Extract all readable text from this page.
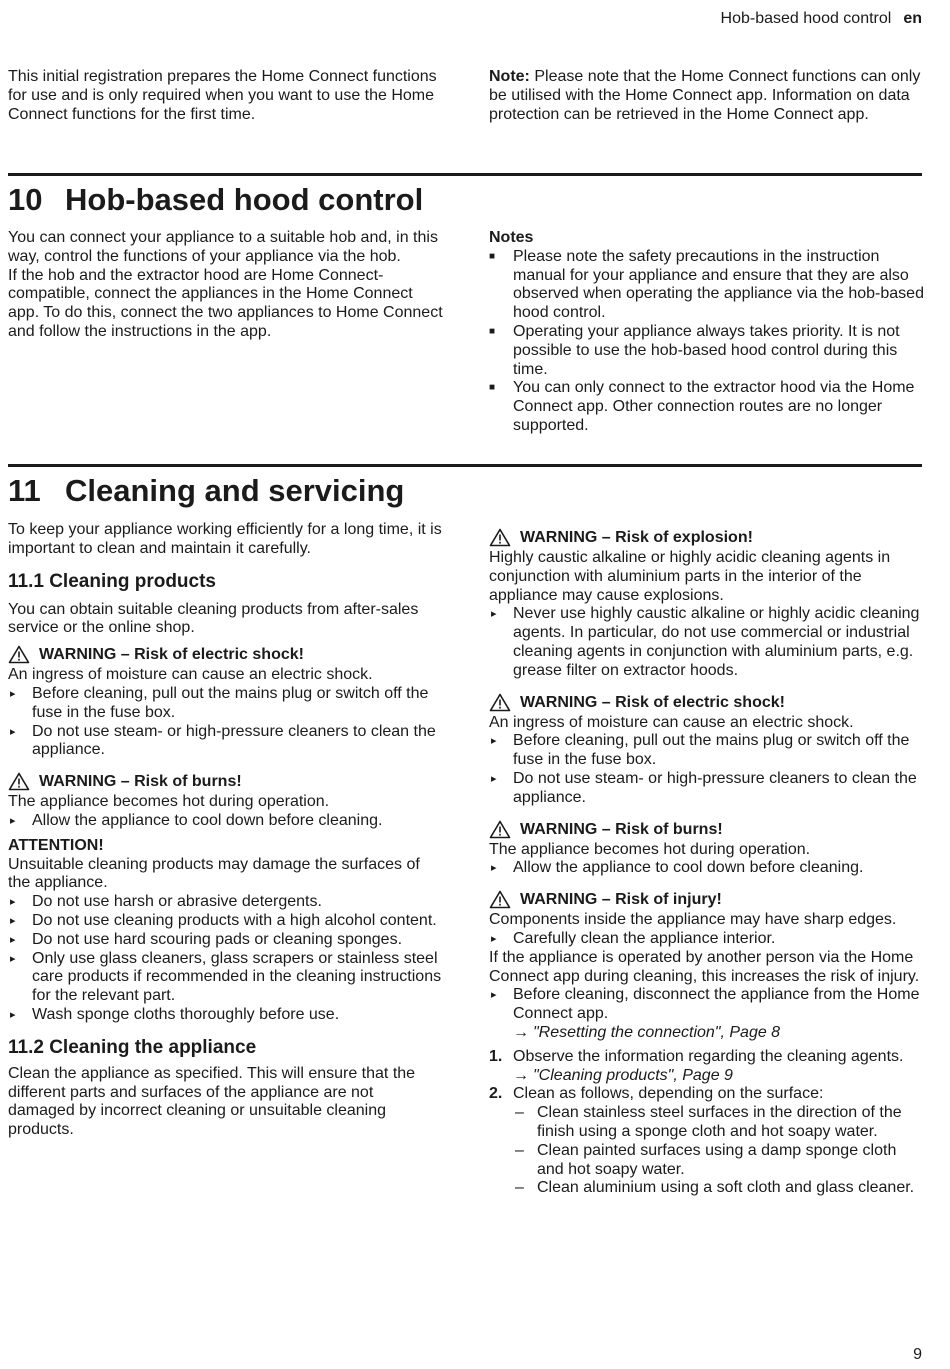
Hob-based hood control en

This initial registration prepares the Home Connect functions for use and is only required when you want to use the Home Connect functions for the first time.

Note: Please note that the Home Connect functions can only be utilised with the Home Connect app. Information on data protection can be retrieved in the Home Connect app.

10 Hob-based hood control

You can connect your appliance to a suitable hob and, in this way, control the functions of your appliance via the hob.

If the hob and the extractor hood are Home Connect-compatible, connect the appliances in the Home Connect app. To do this, connect the two appliances to Home Connect and follow the instructions in the app.

Notes

■ Please note the safety precautions in the instruction manual for your appliance and ensure that they are also observed when operating the appliance via the hob-based hood control.
■ Operating your appliance always takes priority. It is not possible to use the hob-based hood control during this time.
■ You can only connect to the extractor hood via the Home Connect app. Other connection routes are no longer supported.
11 Cleaning and servicing

To keep your appliance working efficiently for a long time, it is important to clean and maintain it carefully.

11.1 Cleaning products

You can obtain suitable cleaning products from after-sales service or the online shop.

WARNING – Risk of electric shock!

An ingress of moisture can cause an electric shock.

▸ Before cleaning, pull out the mains plug or switch off the fuse in the fuse box.
▸ Do not use steam- or high-pressure cleaners to clean the appliance.
WARNING – Risk of burns!

The appliance becomes hot during operation.

▸ Allow the appliance to cool down before cleaning.

ATTENTION!

Unsuitable cleaning products may damage the surfaces of the appliance.

▸ Do not use harsh or abrasive detergents.
▸ Do not use cleaning products with a high alcohol content.
▸ Do not use hard scouring pads or cleaning sponges.
▸ Only use glass cleaners, glass scrapers or stainless steel care products if recommended in the cleaning instructions for the relevant part.
▸ Wash sponge cloths thoroughly before use.
11.2 Cleaning the appliance

Clean the appliance as specified. This will ensure that the different parts and surfaces of the appliance are not damaged by incorrect cleaning or unsuitable cleaning products.

WARNING – Risk of explosion!

Highly caustic alkaline or highly acidic cleaning agents in conjunction with aluminium parts in the interior of the appliance may cause explosions.

▸ Never use highly caustic alkaline or highly acidic cleaning agents. In particular, do not use commercial or industrial cleaning agents in conjunction with aluminium parts, e.g. grease filter on extractor hoods.
WARNING – Risk of electric shock!

An ingress of moisture can cause an electric shock.

▸ Before cleaning, pull out the mains plug or switch off the fuse in the fuse box.
▸ Do not use steam- or high-pressure cleaners to clean the appliance.
WARNING – Risk of burns!

The appliance becomes hot during operation.

▸ Allow the appliance to cool down before cleaning.
WARNING – Risk of injury!

Components inside the appliance may have sharp edges.

▸ Carefully clean the appliance interior.

If the appliance is operated by another person via the Home Connect app during cleaning, this increases the risk of injury.

▸ Before cleaning, disconnect the appliance from the Home Connect app.
→ "Resetting the connection", Page 8
1. Observe the information regarding the cleaning agents.
→ "Cleaning products", Page 9
2. Clean as follows, depending on the surface:
– Clean stainless steel surfaces in the direction of the finish using a sponge cloth and hot soapy water.
– Clean painted surfaces using a damp sponge cloth and hot soapy water.
– Clean aluminium using a soft cloth and glass cleaner.
9
